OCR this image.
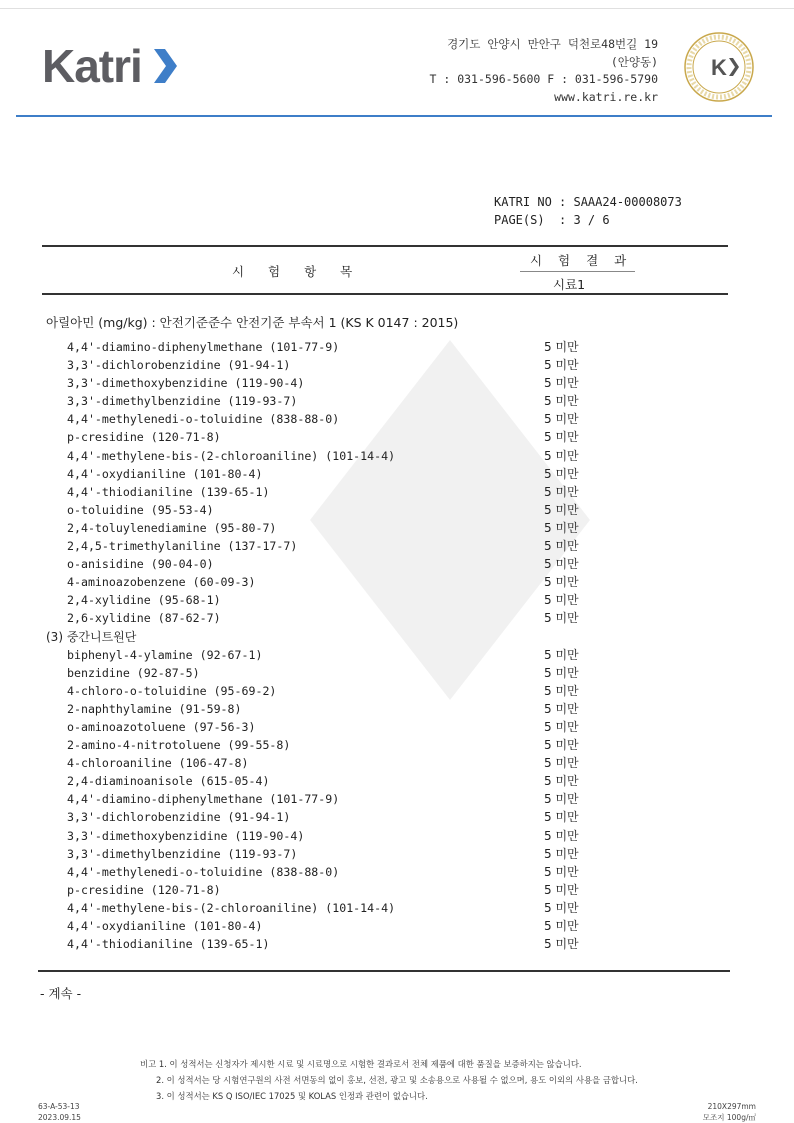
Katri	경기도 안양시 만안구 덕천로48번길 19
(안양동)
T : 031-596-5600 F : 031-596-5790
www.katri.re.kr
K
KATRI NO : SAAA24-00008073
PAGE(S) : 3 / 6
시 험 항 목
시 험 결 과
시료1
아릴아민 (mg/kg) : 안전기준준수 안전기준 부속서 1 (KS K 0147 : 2015)
4,4'-diamino-diphenylmethane (101-77-9)	5 미만
3,3'-dichlorobenzidine (91-94-1)	5 미만
3,3'-dimethoxybenzidine (119-90-4)	5 미만
3,3'-dimethylbenzidine (119-93-7)	5 미만
4,4'-methylenedi-o-toluidine (838-88-0)	5 미만
p-cresidine (120-71-8)	5 미만
4,4'-methylene-bis-(2-chloroaniline) (101-14-4)	5 미만
4,4'-oxydianiline (101-80-4)	5 미만
4,4'-thiodianiline (139-65-1)	5 미만
o-toluidine (95-53-4)	5 미만
2,4-toluylenediamine (95-80-7)	5 미만
2,4,5-trimethylaniline (137-17-7)	5 미만
o-anisidine (90-04-0)	5 미만
4-aminoazobenzene (60-09-3)	5 미만
2,4-xylidine (95-68-1)	5 미만
2,6-xylidine (87-62-7)	5 미만
(3) 중간니트원단
biphenyl-4-ylamine (92-67-1)	5 미만
benzidine (92-87-5)	5 미만
4-chloro-o-toluidine (95-69-2)	5 미만
2-naphthylamine (91-59-8)	5 미만
o-aminoazotoluene (97-56-3)	5 미만
2-amino-4-nitrotoluene (99-55-8)	5 미만
4-chloroaniline (106-47-8)	5 미만
2,4-diaminoanisole (615-05-4)	5 미만
4,4'-diamino-diphenylmethane (101-77-9)	5 미만
3,3'-dichlorobenzidine (91-94-1)	5 미만
3,3'-dimethoxybenzidine (119-90-4)	5 미만
3,3'-dimethylbenzidine (119-93-7)	5 미만
4,4'-methylenedi-o-toluidine (838-88-0)	5 미만
p-cresidine (120-71-8)	5 미만
4,4'-methylene-bis-(2-chloroaniline) (101-14-4)	5 미만
4,4'-oxydianiline (101-80-4)	5 미만
4,4'-thiodianiline (139-65-1)	5 미만
- 계속 -
비고 1. 이 성적서는 신청자가 제시한 시료 및 시료명으로 시험한 결과로서 전체 제품에 대한 품질을 보증하지는 않습니다.
2. 이 성적서는 당 시험연구원의 사전 서면동의 없이 홍보, 선전, 광고 및 소송용으로 사용될 수 없으며, 용도 이외의 사용을 금합니다.
3. 이 성적서는 KS Q ISO/IEC 17025 및 KOLAS 인정과 관련이 없습니다.
63-A-53-13
2023.09.15
210X297mm
모조지 100g/㎡
